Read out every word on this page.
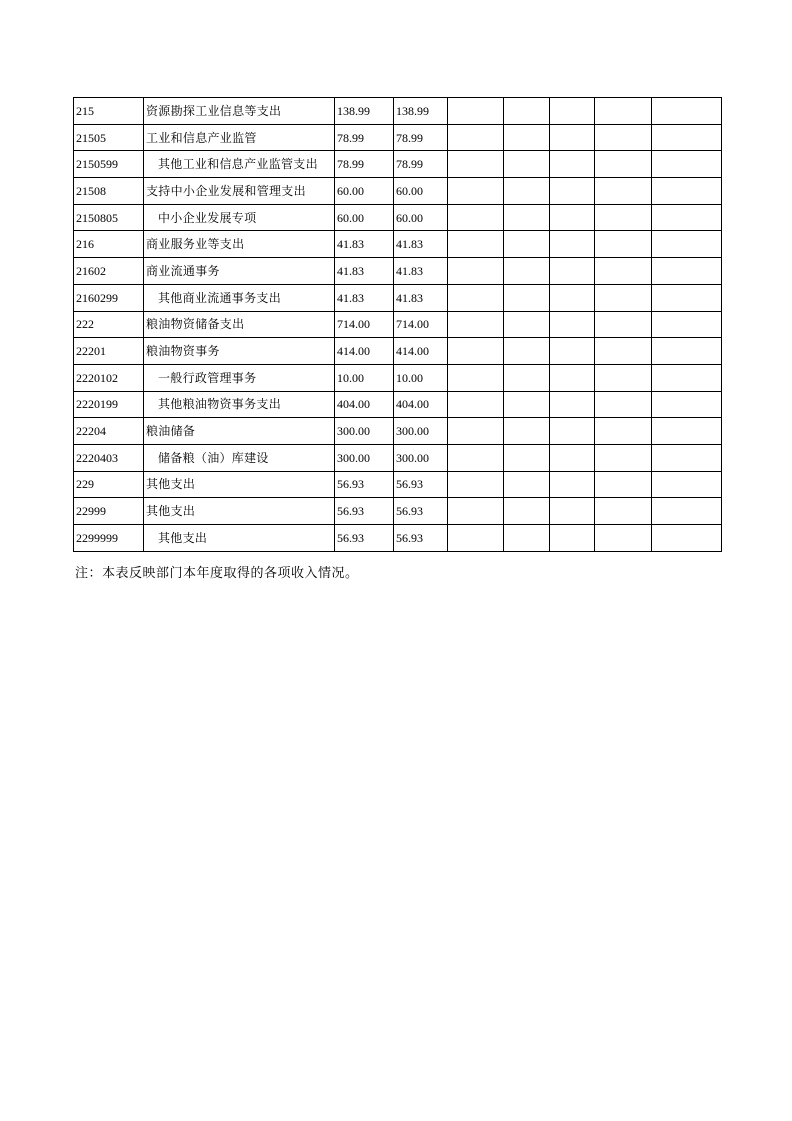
215	资源勘探工业信息等支出	138.99	138.99					
21505	工业和信息产业监管	78.99	78.99					
2150599	其他工业和信息产业监管支出	78.99	78.99					
21508	支持中小企业发展和管理支出	60.00	60.00					
2150805	中小企业发展专项	60.00	60.00					
216	商业服务业等支出	41.83	41.83					
21602	商业流通事务	41.83	41.83					
2160299	其他商业流通事务支出	41.83	41.83					
222	粮油物资储备支出	714.00	714.00					
22201	粮油物资事务	414.00	414.00					
2220102	一般行政管理事务	10.00	10.00					
2220199	其他粮油物资事务支出	404.00	404.00					
22204	粮油储备	300.00	300.00					
2220403	储备粮（油）库建设	300.00	300.00					
229	其他支出	56.93	56.93					
22999	其他支出	56.93	56.93					
2299999	其他支出	56.93	56.93					
注：本表反映部门本年度取得的各项收入情况。
